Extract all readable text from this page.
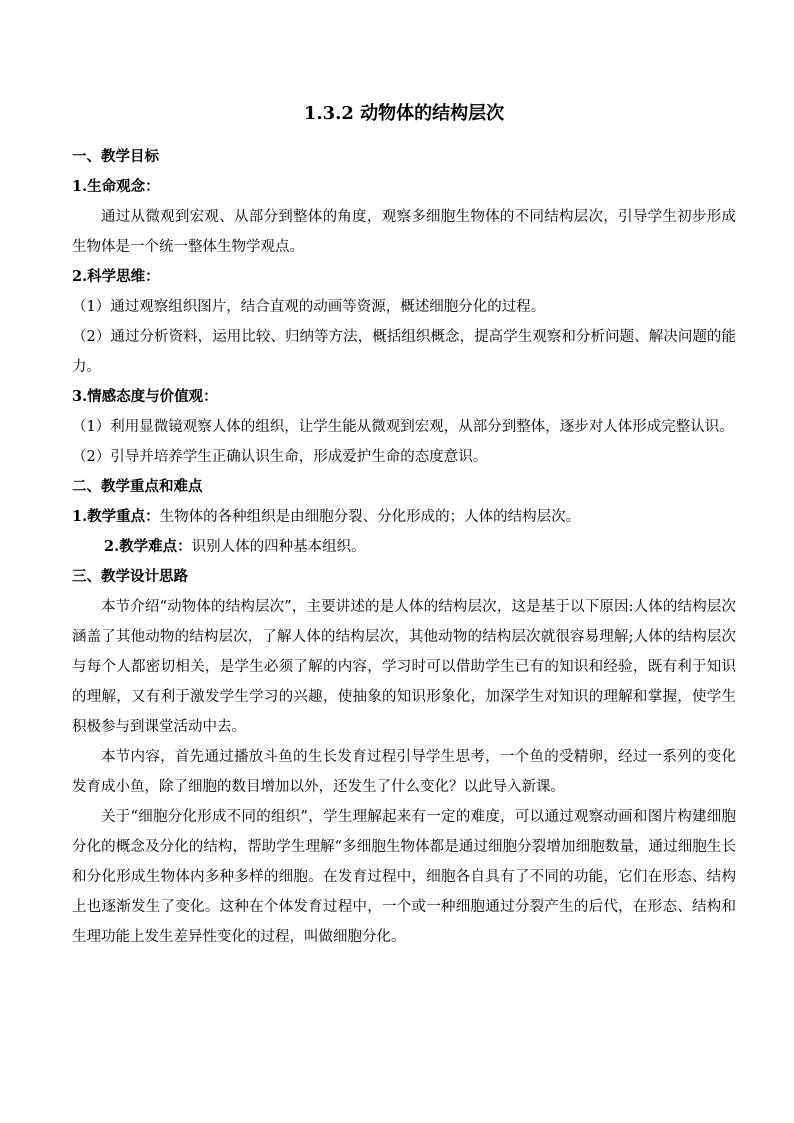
1.3.2 动物体的结构层次

一、教学目标

1.生命观念：

通过从微观到宏观、从部分到整体的角度，观察多细胞生物体的不同结构层次，引导学生初步形成生物体是一个统一整体生物学观点。

2.科学思维：

（1）通过观察组织图片，结合直观的动画等资源，概述细胞分化的过程。

（2）通过分析资料，运用比较、归纳等方法，概括组织概念，提高学生观察和分析问题、解决问题的能力。

3.情感态度与价值观：

（1）利用显微镜观察人体的组织，让学生能从微观到宏观，从部分到整体，逐步对人体形成完整认识。

（2）引导并培养学生正确认识生命，形成爱护生命的态度意识。

二、教学重点和难点

1.教学重点：生物体的各种组织是由细胞分裂、分化形成的；人体的结构层次。

2.教学难点：识别人体的四种基本组织。

三、教学设计思路

本节介绍“动物体的结构层次”，主要讲述的是人体的结构层次，这是基于以下原因:人体的结构层次涵盖了其他动物的结构层次，了解人体的结构层次，其他动物的结构层次就很容易理解;人体的结构层次与每个人都密切相关，是学生必须了解的内容，学习时可以借助学生已有的知识和经验，既有利于知识的理解，又有利于激发学生学习的兴趣，使抽象的知识形象化，加深学生对知识的理解和掌握，使学生积极参与到课堂活动中去。

本节内容，首先通过播放斗鱼的生长发育过程引导学生思考，一个鱼的受精卵，经过一系列的变化发育成小鱼，除了细胞的数目增加以外，还发生了什么变化？以此导入新课。

关于“细胞分化形成不同的组织”，学生理解起来有一定的难度，可以通过观察动画和图片构建细胞分化的概念及分化的结构，帮助学生理解“多细胞生物体都是通过细胞分裂增加细胞数量，通过细胞生长和分化形成生物体内多种多样的细胞。在发育过程中，细胞各自具有了不同的功能，它们在形态、结构上也逐渐发生了变化。这种在个体发育过程中，一个或一种细胞通过分裂产生的后代，在形态、结构和生理功能上发生差异性变化的过程，叫做细胞分化。
